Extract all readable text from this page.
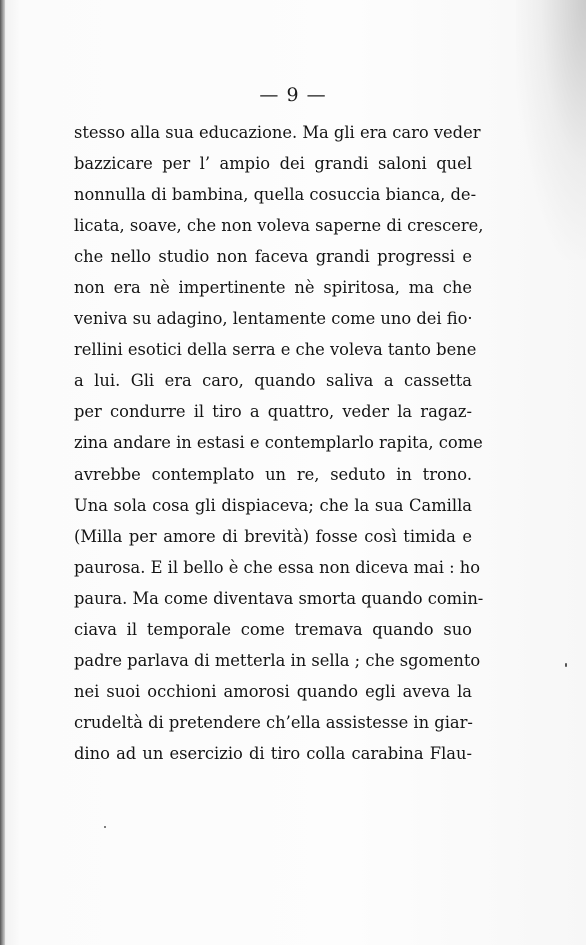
— 9 —
stesso alla sua educazione. Ma gli era caro veder
bazzicare per l’ ampio dei grandi saloni quel
nonnulla di bambina, quella cosuccia bianca, de-
licata, soave, che non voleva saperne di crescere,
che nello studio non faceva grandi progressi e
non era nè impertinente nè spiritosa, ma che
veniva su adagino, lentamente come uno dei fio·
rellini esotici della serra e che voleva tanto bene
a lui. Gli era caro, quando saliva a cassetta
per condurre il tiro a quattro, veder la ragaz-
zina andare in estasi e contemplarlo rapita, come
avrebbe contemplato un re, seduto in trono.
Una sola cosa gli dispiaceva; che la sua Camilla
(Milla per amore di brevità) fosse così timida e
paurosa. E il bello è che essa non diceva mai : ho
paura. Ma come diventava smorta quando comin-
ciava il temporale come tremava quando suo
padre parlava di metterla in sella ; che sgomento
nei suoi occhioni amorosi quando egli aveva la
crudeltà di pretendere ch’ella assistesse in giar-
dino ad un esercizio di tiro colla carabina Flau-
